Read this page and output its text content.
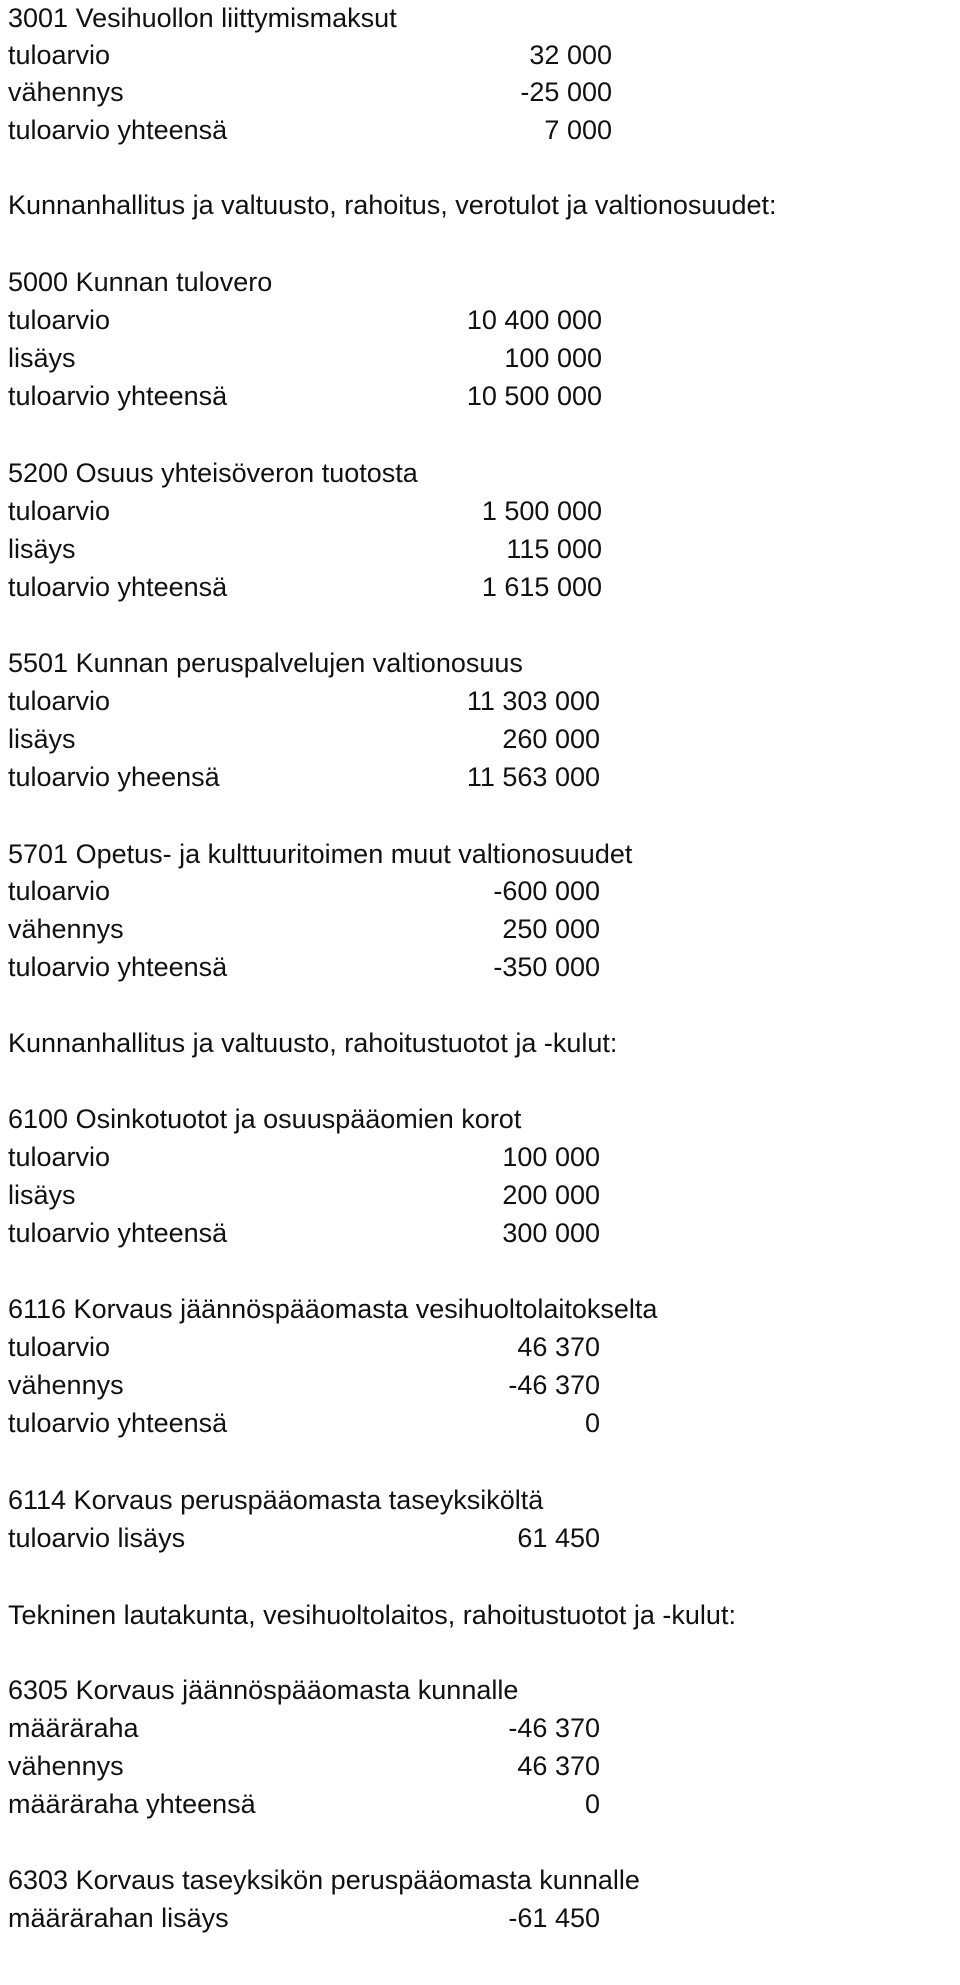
3001 Vesihuollon liittymismaksut
tuloarvio	32 000
vähennys	-25 000
tuloarvio yhteensä	7 000
Kunnanhallitus ja valtuusto, rahoitus, verotulot ja valtionosuudet:
5000 Kunnan tulovero
tuloarvio	10 400 000
lisäys	100 000
tuloarvio yhteensä	10 500 000
5200 Osuus yhteisöveron tuotosta
tuloarvio	1 500 000
lisäys	115 000
tuloarvio yhteensä	1 615 000
5501 Kunnan peruspalvelujen valtionosuus
tuloarvio	11 303 000
lisäys	260 000
tuloarvio yheensä	11 563 000
5701 Opetus- ja kulttuuritoimen muut valtionosuudet
tuloarvio	-600 000
vähennys	250 000
tuloarvio yhteensä	-350 000
Kunnanhallitus ja valtuusto, rahoitustuotot ja -kulut:
6100 Osinkotuotot ja osuuspääomien korot
tuloarvio	100 000
lisäys	200 000
tuloarvio yhteensä	300 000
6116 Korvaus jäännöspääomasta vesihuoltolaitokselta
tuloarvio	46 370
vähennys	-46 370
tuloarvio yhteensä	0
6114 Korvaus peruspääomasta taseyksiköltä
tuloarvio lisäys	61 450
Tekninen lautakunta, vesihuoltolaitos, rahoitustuotot ja -kulut:
6305 Korvaus jäännöspääomasta kunnalle
määräraha	-46 370
vähennys	46 370
määräraha yhteensä	0
6303 Korvaus taseyksikön peruspääomasta kunnalle
määrärahan lisäys	-61 450
